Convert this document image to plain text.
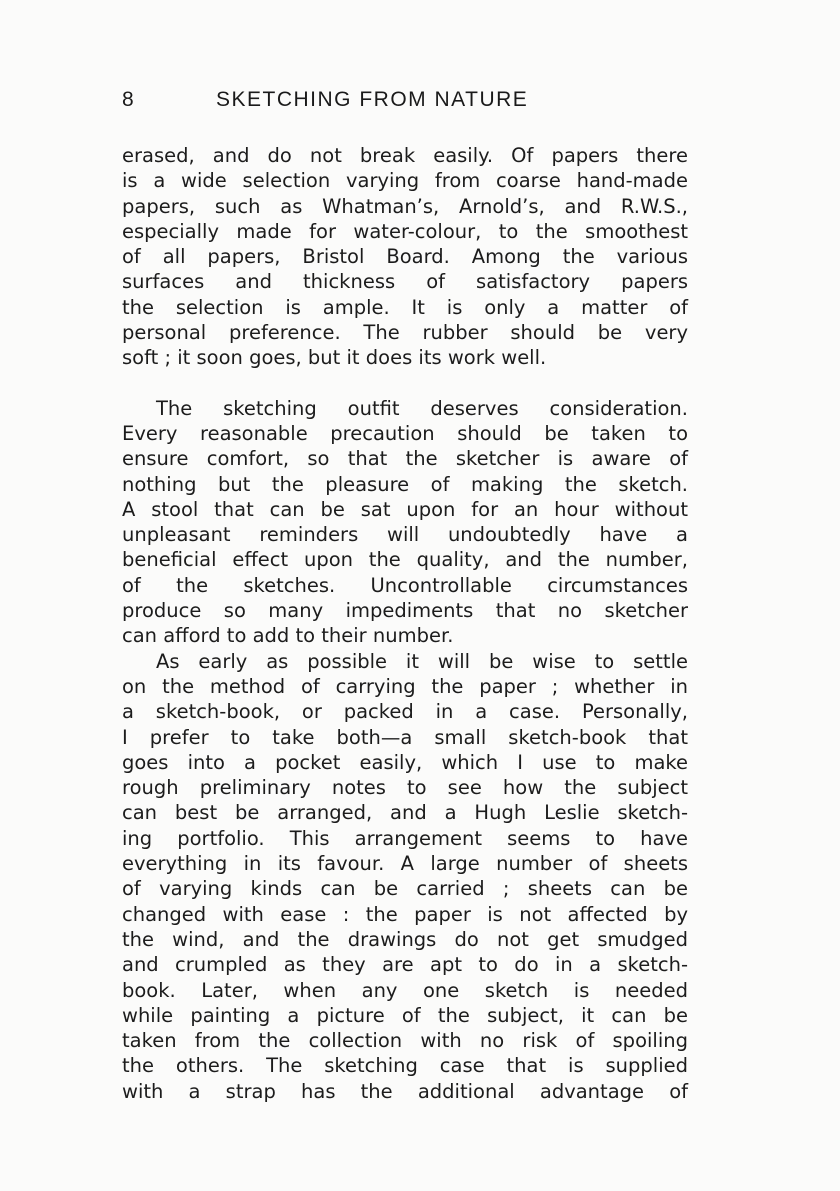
8	SKETCHING FROM NATURE
erased, and do not break easily. Of papers there
is a wide selection varying from coarse hand-made
papers, such as Whatman’s, Arnold’s, and R.W.S.,
especially made for water-colour, to the smoothest
of all papers, Bristol Board. Among the various
surfaces and thickness of satisfactory papers
the selection is ample. It is only a matter of
personal preference. The rubber should be very
soft ; it soon goes, but it does its work well.
The sketching outfit deserves consideration.
Every reasonable precaution should be taken to
ensure comfort, so that the sketcher is aware of
nothing but the pleasure of making the sketch.
A stool that can be sat upon for an hour without
unpleasant reminders will undoubtedly have a
beneficial effect upon the quality, and the number,
of the sketches. Uncontrollable circumstances
produce so many impediments that no sketcher
can afford to add to their number.
As early as possible it will be wise to settle
on the method of carrying the paper ; whether in
a sketch-book, or packed in a case. Personally,
I prefer to take both—a small sketch-book that
goes into a pocket easily, which I use to make
rough preliminary notes to see how the subject
can best be arranged, and a Hugh Leslie sketch-
ing portfolio. This arrangement seems to have
everything in its favour. A large number of sheets
of varying kinds can be carried ; sheets can be
changed with ease : the paper is not affected by
the wind, and the drawings do not get smudged
and crumpled as they are apt to do in a sketch-
book. Later, when any one sketch is needed
while painting a picture of the subject, it can be
taken from the collection with no risk of spoiling
the others. The sketching case that is supplied
with a strap has the additional advantage of
